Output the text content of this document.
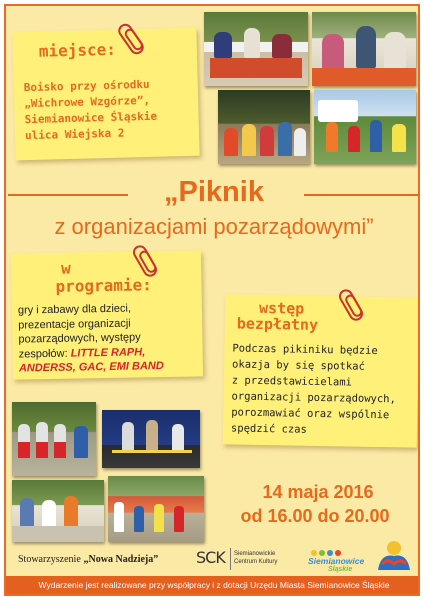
miejsce:
Boisko przy ośrodku
„Wichrowe Wzgórze”,
Siemianowice Śląskie
ulica Wiejska 2
„Piknik
z organizacjami pozarządowymi”
w
programie:
gry i zabawy dla dzieci,
prezentacje organizacji
pozarządowych, występy
zespołów: LITTLE RAPH,
ANDERSS, GAC, EMI BAND
wstęp
bezpłatny
Podczas pikiniku będzie
okazja by się spotkać
z przedstawicielami
organizacji pozarządowych,
porozmawiać oraz wspólnie
spędzić czas
14 maja 2016
od 16.00 do 20.00
Stowarzyszenie „Nowa Nadzieja” SCK Siemianowickie
Centrum Kultury	Siemianowice
Śląskie
Wydarzenie jest realizowane przy współpracy i z dotacji Urzędu Miasta Siemianowice Śląskie
